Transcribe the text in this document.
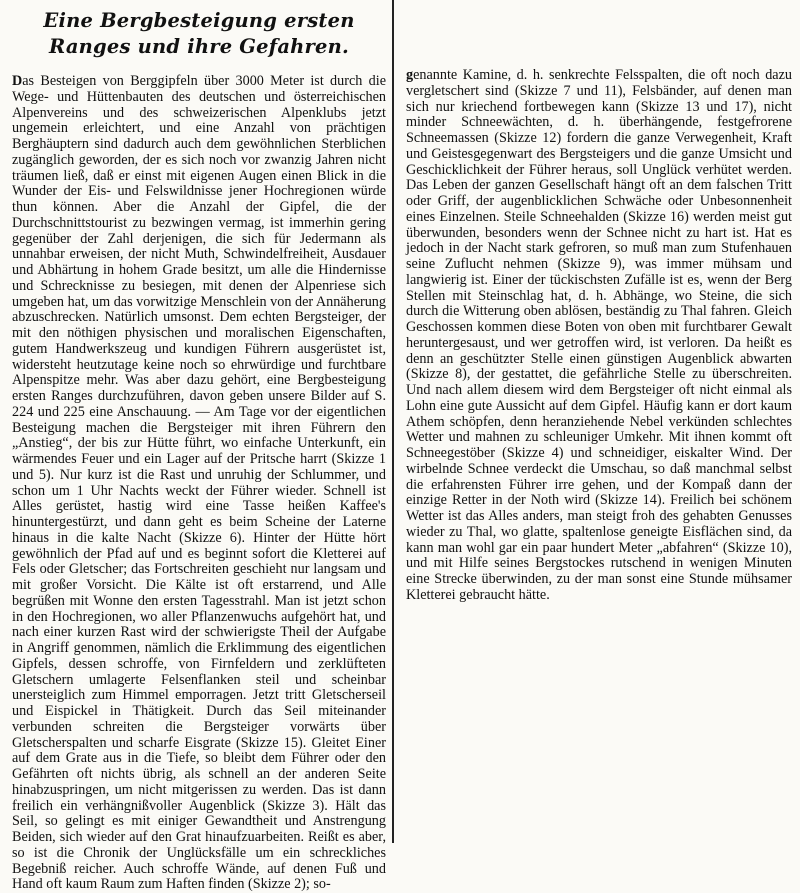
Eine Bergbesteigung ersten Ranges und ihre Gefahren.

Das Besteigen von Berggipfeln über 3000 Meter ist durch die Wege- und Hüttenbauten des deutschen und österreichischen Alpenvereins und des schweizerischen Alpenklubs jetzt ungemein erleichtert, und eine Anzahl von prächtigen Berghäuptern sind dadurch auch dem gewöhnlichen Sterblichen zugänglich geworden, der es sich noch vor zwanzig Jahren nicht träumen ließ, daß er einst mit eigenen Augen einen Blick in die Wunder der Eis- und Felswildnisse jener Hochregionen würde thun können. Aber die Anzahl der Gipfel, die der Durchschnittstourist zu bezwingen vermag, ist immerhin gering gegenüber der Zahl derjenigen, die sich für Jedermann als unnahbar erweisen, der nicht Muth, Schwindelfreiheit, Ausdauer und Abhärtung in hohem Grade besitzt, um alle die Hindernisse und Schrecknisse zu besiegen, mit denen der Alpenriese sich umgeben hat, um das vorwitzige Menschlein von der Annäherung abzuschrecken. Natürlich umsonst. Dem echten Bergsteiger, der mit den nöthigen physischen und moralischen Eigenschaften, gutem Handwerkszeug und kundigen Führern ausgerüstet ist, widersteht heutzutage keine noch so ehrwürdige und furchtbare Alpenspitze mehr. Was aber dazu gehört, eine Bergbesteigung ersten Ranges durchzuführen, davon geben unsere Bilder auf S. 224 und 225 eine Anschauung. — Am Tage vor der eigentlichen Besteigung machen die Bergsteiger mit ihren Führern den „Anstieg“, der bis zur Hütte führt, wo einfache Unterkunft, ein wärmendes Feuer und ein Lager auf der Pritsche harrt (Skizze 1 und 5). Nur kurz ist die Rast und unruhig der Schlummer, und schon um 1 Uhr Nachts weckt der Führer wieder. Schnell ist Alles gerüstet, hastig wird eine Tasse heißen Kaffee's hinuntergestürzt, und dann geht es beim Scheine der Laterne hinaus in die kalte Nacht (Skizze 6). Hinter der Hütte hört gewöhnlich der Pfad auf und es beginnt sofort die Kletterei auf Fels oder Gletscher; das Fortschreiten geschieht nur langsam und mit großer Vorsicht. Die Kälte ist oft erstarrend, und Alle begrüßen mit Wonne den ersten Tagesstrahl. Man ist jetzt schon in den Hochregionen, wo aller Pflanzenwuchs aufgehört hat, und nach einer kurzen Rast wird der schwierigste Theil der Aufgabe in Angriff genommen, nämlich die Erklimmung des eigentlichen Gipfels, dessen schroffe, von Firnfeldern und zerklüfteten Gletschern umlagerte Felsenflanken steil und scheinbar unersteiglich zum Himmel emporragen. Jetzt tritt Gletscherseil und Eispickel in Thätigkeit. Durch das Seil miteinander verbunden schreiten die Bergsteiger vorwärts über Gletscherspalten und scharfe Eisgrate (Skizze 15). Gleitet Einer auf dem Grate aus in die Tiefe, so bleibt dem Führer oder den Gefährten oft nichts übrig, als schnell an der anderen Seite hinabzuspringen, um nicht mitgerissen zu werden. Das ist dann freilich ein verhängnißvoller Augenblick (Skizze 3). Hält das Seil, so gelingt es mit einiger Gewandtheit und Anstrengung Beiden, sich wieder auf den Grat hinaufzuarbeiten. Reißt es aber, so ist die Chronik der Unglücksfälle um ein schreckliches Begebniß reicher. Auch schroffe Wände, auf denen Fuß und Hand oft kaum Raum zum Haften finden (Skizze 2); so-

genannte Kamine, d. h. senkrechte Felsspalten, die oft noch dazu vergletschert sind (Skizze 7 und 11), Felsbänder, auf denen man sich nur kriechend fortbewegen kann (Skizze 13 und 17), nicht minder Schneewächten, d. h. überhängende, festgefrorene Schneemassen (Skizze 12) fordern die ganze Verwegenheit, Kraft und Geistesgegenwart des Bergsteigers und die ganze Umsicht und Geschicklichkeit der Führer heraus, soll Unglück verhütet werden. Das Leben der ganzen Gesellschaft hängt oft an dem falschen Tritt oder Griff, der augenblicklichen Schwäche oder Unbesonnenheit eines Einzelnen. Steile Schneehalden (Skizze 16) werden meist gut überwunden, besonders wenn der Schnee nicht zu hart ist. Hat es jedoch in der Nacht stark gefroren, so muß man zum Stufenhauen seine Zuflucht nehmen (Skizze 9), was immer mühsam und langwierig ist. Einer der tückischsten Zufälle ist es, wenn der Berg Stellen mit Steinschlag hat, d. h. Abhänge, wo Steine, die sich durch die Witterung oben ablösen, beständig zu Thal fahren. Gleich Geschossen kommen diese Boten von oben mit furchtbarer Gewalt heruntergesaust, und wer getroffen wird, ist verloren. Da heißt es denn an geschützter Stelle einen günstigen Augenblick abwarten (Skizze 8), der gestattet, die gefährliche Stelle zu überschreiten. Und nach allem diesem wird dem Bergsteiger oft nicht einmal als Lohn eine gute Aussicht auf dem Gipfel. Häufig kann er dort kaum Athem schöpfen, denn heranziehende Nebel verkünden schlechtes Wetter und mahnen zu schleuniger Umkehr. Mit ihnen kommt oft Schneegestöber (Skizze 4) und schneidiger, eiskalter Wind. Der wirbelnde Schnee verdeckt die Umschau, so daß manchmal selbst die erfahrensten Führer irre gehen, und der Kompaß dann der einzige Retter in der Noth wird (Skizze 14). Freilich bei schönem Wetter ist das Alles anders, man steigt froh des gehabten Genusses wieder zu Thal, wo glatte, spaltenlose geneigte Eisflächen sind, da kann man wohl gar ein paar hundert Meter „abfahren“ (Skizze 10), und mit Hilfe seines Bergstockes rutschend in wenigen Minuten eine Strecke überwinden, zu der man sonst eine Stunde mühsamer Kletterei gebraucht hätte.
